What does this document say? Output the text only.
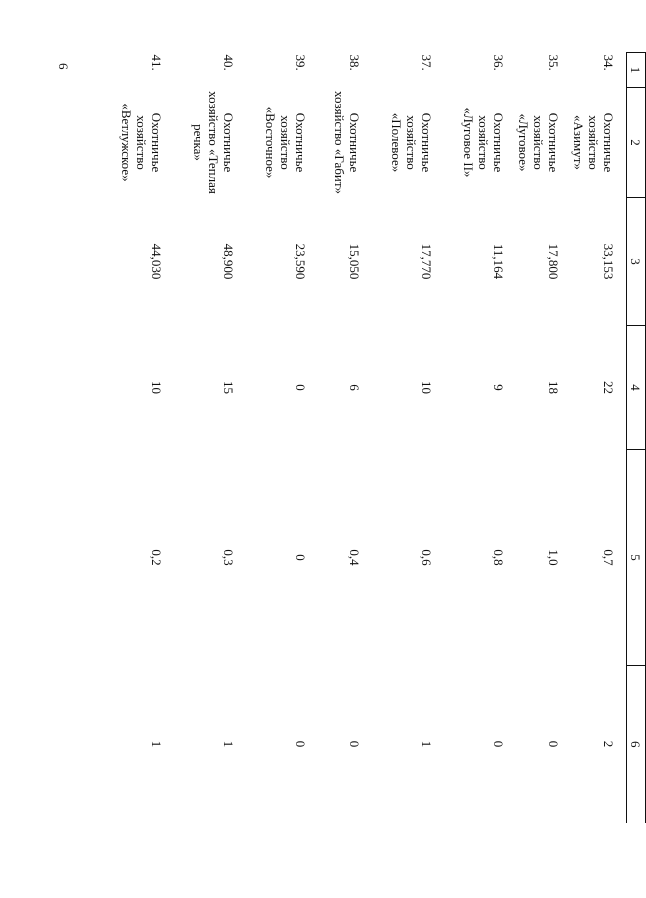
6
1	2	3	4	5	6
34.	Охотничье хозяйство «Азимут»	33,153	22	0,7	2
35.	Охотничье хозяйство «Луговое»	17,800	18	1,0	0
36.	Охотничье хозяйство «Луговое II»	11,164	9	0,8	0
37.	Охотничье хозяйство «Полевое»	17,770	10	0,6	1
38.	Охотничье хозяйство «Габит»	15,050	6	0,4	0
39.	Охотничье хозяйство «Восточное»	23,590	0	0	0
40.	Охотничье хозяйство «Теплая речка»	48,900	15	0,3	1
41.	Охотничье хозяйство «Ветлужское»	44,030	10	0,2	1
